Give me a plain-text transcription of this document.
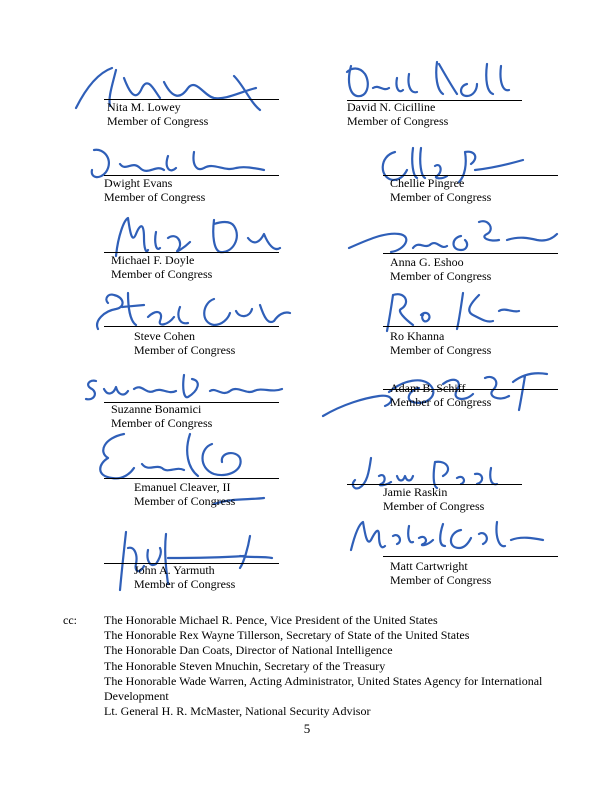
Nita M. Lowey
Member of Congress
Dwight Evans
Member of Congress
Michael F. Doyle
Member of Congress
Steve Cohen
Member of Congress
Suzanne Bonamici
Member of Congress
Emanuel Cleaver, II
Member of Congress
John A. Yarmuth
Member of Congress
David N. Cicilline
Member of Congress
Chellie Pingree
Member of Congress
Anna G. Eshoo
Member of Congress
Ro Khanna
Member of Congress
Adam B. Schiff
Member of Congress
Jamie Raskin
Member of Congress
Matt Cartwright
Member of Congress
cc: The Honorable Michael R. Pence, Vice President of the United States
The Honorable Rex Wayne Tillerson, Secretary of State of the United States
The Honorable Dan Coats, Director of National Intelligence
The Honorable Steven Mnuchin, Secretary of the Treasury
The Honorable Wade Warren, Acting Administrator, United States Agency for International
Development
Lt. General H. R. McMaster, National Security Advisor
5
